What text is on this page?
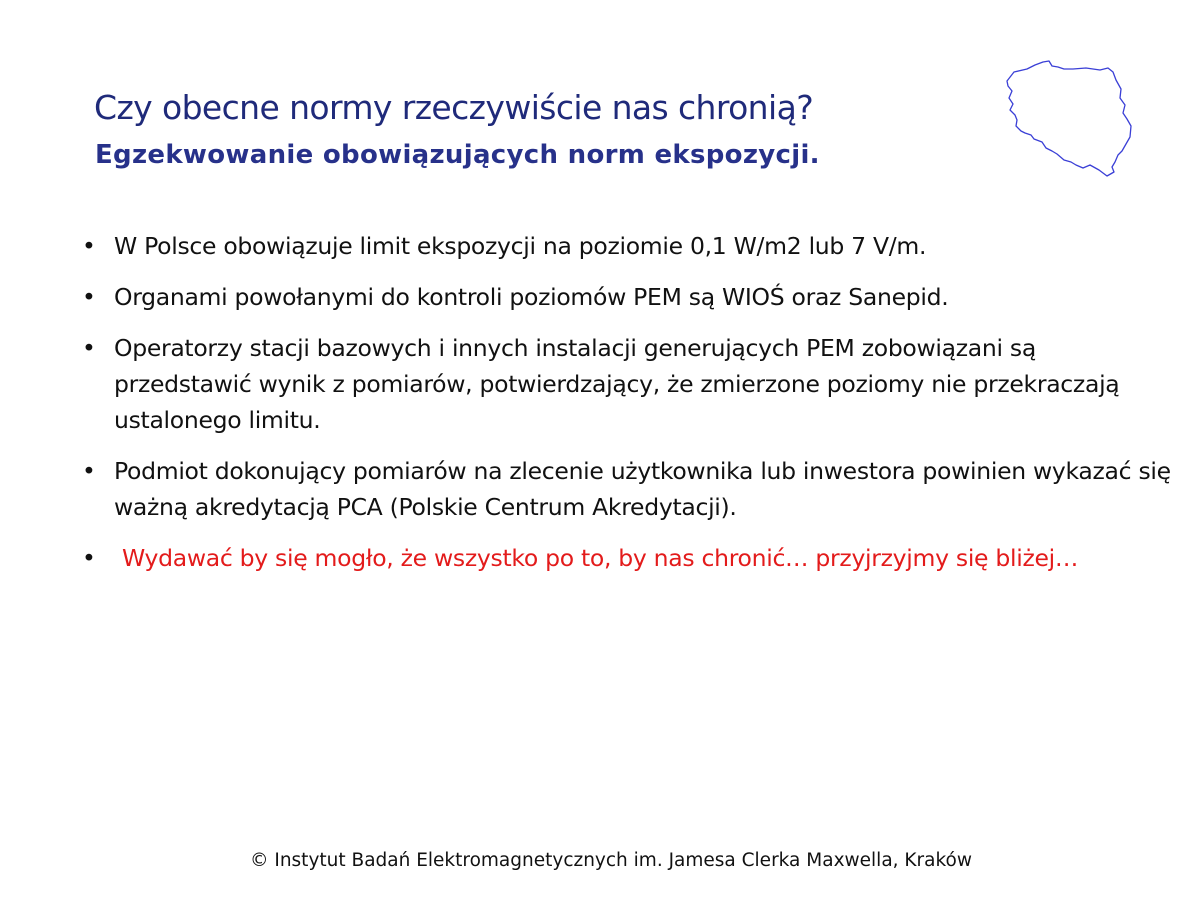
Czy obecne normy rzeczywiście nas chronią?
Egzekwowanie obowiązujących norm ekspozycji.
• W Polsce obowiązuje limit ekspozycji na poziomie 0,1 W/m2 lub 7 V/m.
• Organami powołanymi do kontroli poziomów PEM są WIOŚ oraz Sanepid.
• Operatorzy stacji bazowych i innych instalacji generujących PEM zobowiązani są przedstawić wynik z pomiarów, potwierdzający, że zmierzone poziomy nie przekraczają ustalonego limitu.
• Podmiot dokonujący pomiarów na zlecenie użytkownika lub inwestora powinien wykazać się ważną akredytacją PCA (Polskie Centrum Akredytacji).
• Wydawać by się mogło, że wszystko po to, by nas chronić… przyjrzyjmy się bliżej…

© Instytut Badań Elektromagnetycznych im. Jamesa Clerka Maxwella, Kraków
